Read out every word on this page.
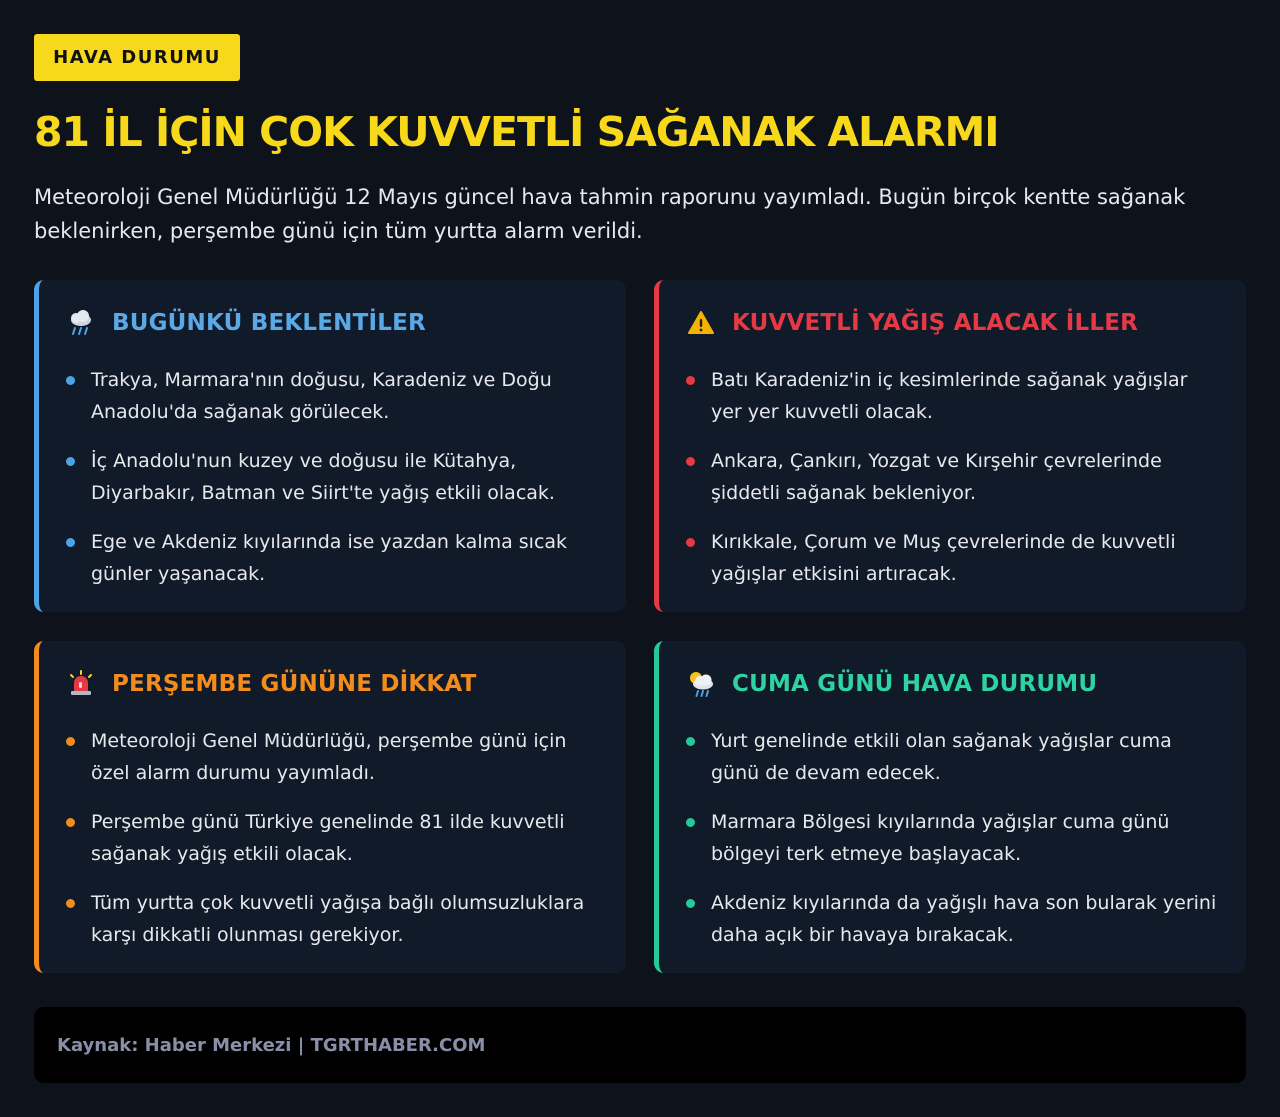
HAVA DURUMU
81 İL İÇİN ÇOK KUVVETLİ SAĞANAK ALARMI

Meteoroloji Genel Müdürlüğü 12 Mayıs güncel hava tahmin raporunu yayımladı. Bugün birçok kentte sağanak beklenirken, perşembe günü için tüm yurtta alarm verildi.

BUGÜNKÜ BEKLENTİLER
Trakya, Marmara'nın doğusu, Karadeniz ve Doğu Anadolu'da sağanak görülecek.
İç Anadolu'nun kuzey ve doğusu ile Kütahya, Diyarbakır, Batman ve Siirt'te yağış etkili olacak.
Ege ve Akdeniz kıyılarında ise yazdan kalma sıcak günler yaşanacak.
KUVVETLİ YAĞIŞ ALACAK İLLER
Batı Karadeniz'in iç kesimlerinde sağanak yağışlar yer yer kuvvetli olacak.
Ankara, Çankırı, Yozgat ve Kırşehir çevrelerinde şiddetli sağanak bekleniyor.
Kırıkkale, Çorum ve Muş çevrelerinde de kuvvetli yağışlar etkisini artıracak.
PERŞEMBE GÜNÜNE DİKKAT
Meteoroloji Genel Müdürlüğü, perşembe günü için özel alarm durumu yayımladı.
Perşembe günü Türkiye genelinde 81 ilde kuvvetli sağanak yağış etkili olacak.
Tüm yurtta çok kuvvetli yağışa bağlı olumsuzluklara karşı dikkatli olunması gerekiyor.
CUMA GÜNÜ HAVA DURUMU
Yurt genelinde etkili olan sağanak yağışlar cuma günü de devam edecek.
Marmara Bölgesi kıyılarında yağışlar cuma günü bölgeyi terk etmeye başlayacak.
Akdeniz kıyılarında da yağışlı hava son bularak yerini daha açık bir havaya bırakacak.
Kaynak: Haber Merkezi | TGRTHABER.COM
